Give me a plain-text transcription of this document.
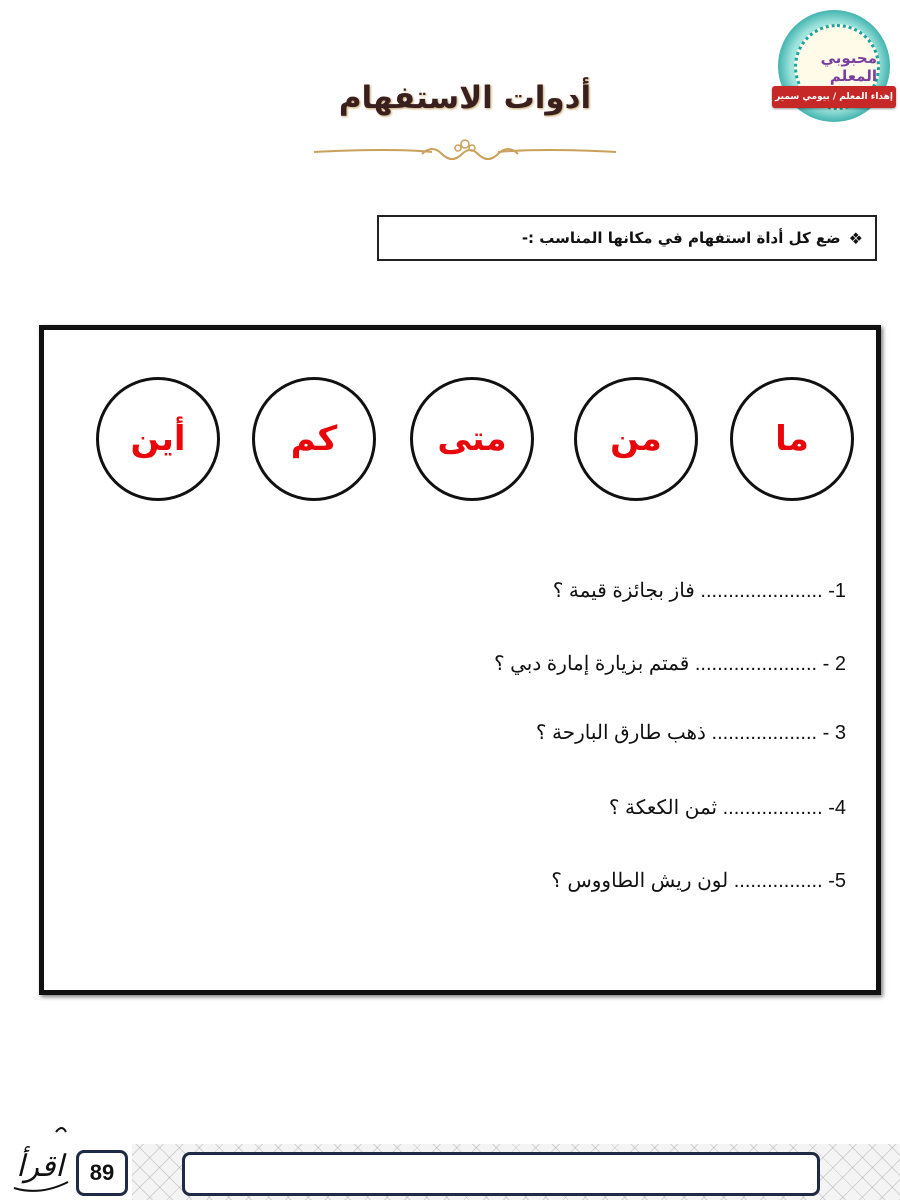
محبوبي المعلم
إهداء المعلم / بيومي سمير
أدوات الاستفهام
❖
ضع كل أداة استفهام في مكانها المناسب :-
ما
من
متى
كم
أين
1- ...................... فاز بجائزة قيمة ؟
2 - ...................... قمتم بزيارة إمارة دبي ؟
3 - ................... ذهب طارق البارحة ؟
4- .................. ثمن الكعكة ؟
5- ................ لون ريش الطاووس ؟
89
اقرأ
